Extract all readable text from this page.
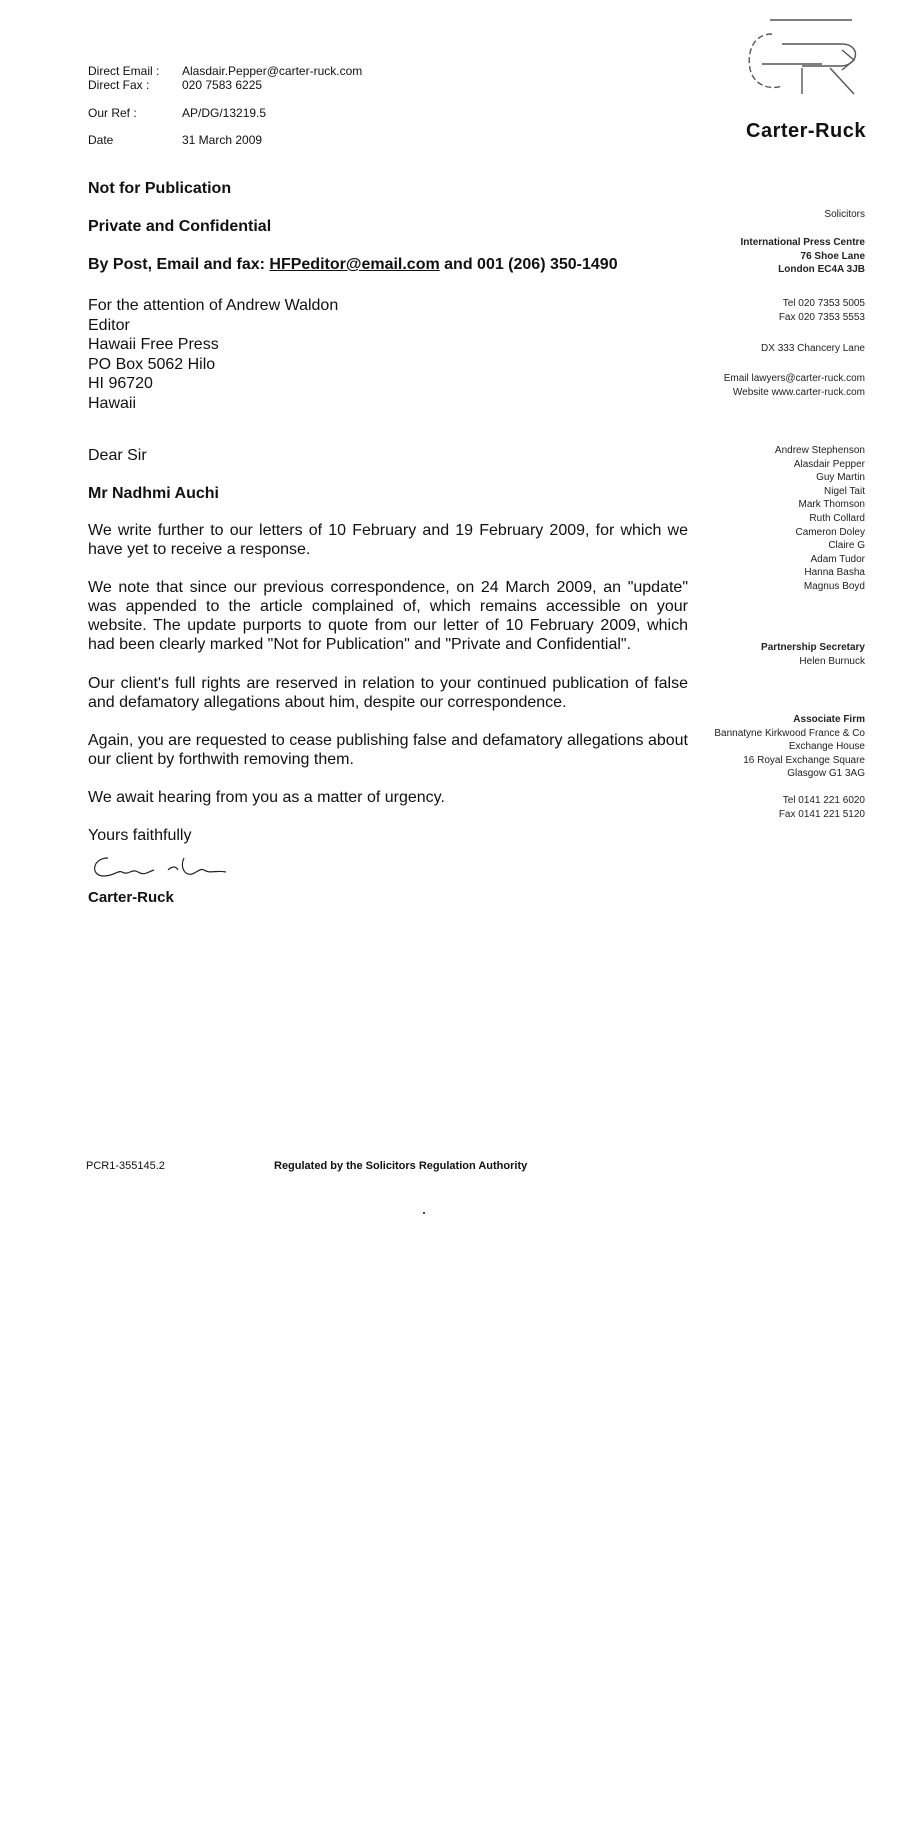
Carter-Ruck
Direct Email : Alasdair.Pepper@carter-ruck.com
Direct Fax :	020 7583 6225
Our Ref :	AP/DG/13219.5
Date	31 March 2009
Not for Publication
Private and Confidential
By Post, Email and fax: HFPeditor@email.com and 001 (206) 350-1490
For the attention of Andrew Waldon
Editor
Hawaii Free Press
PO Box 5062 Hilo
HI 96720
Hawaii
Dear Sir
Mr Nadhmi Auchi
We write further to our letters of 10 February and 19 February 2009, for which we have yet to receive a response.
We note that since our previous correspondence, on 24 March 2009, an "update" was appended to the article complained of, which remains accessible on your website. The update purports to quote from our letter of 10 February 2009, which had been clearly marked "Not for Publication" and "Private and Confidential".
Our client's full rights are reserved in relation to your continued publication of false and defamatory allegations about him, despite our correspondence.
Again, you are requested to cease publishing false and defamatory allegations about our client by forthwith removing them.
We await hearing from you as a matter of urgency.
Yours faithfully
Carter-Ruck
Solicitors
International Press Centre
76 Shoe Lane
London EC4A 3JB
Tel 020 7353 5005
Fax 020 7353 5553
DX 333 Chancery Lane
Email lawyers@carter-ruck.com
Website www.carter-ruck.com
Andrew Stephenson
Alasdair Pepper
Guy Martin
Nigel Tait
Mark Thomson
Ruth Collard
Cameron Doley
Claire G
Adam Tudor
Hanna Basha
Magnus Boyd
Partnership Secretary
Helen Burnuck
Associate Firm
Bannatyne Kirkwood France & Co
Exchange House
16 Royal Exchange Square
Glasgow G1 3AG
Tel 0141 221 6020
Fax 0141 221 5120
PCR1-355145.2	Regulated by the Solicitors Regulation Authority
